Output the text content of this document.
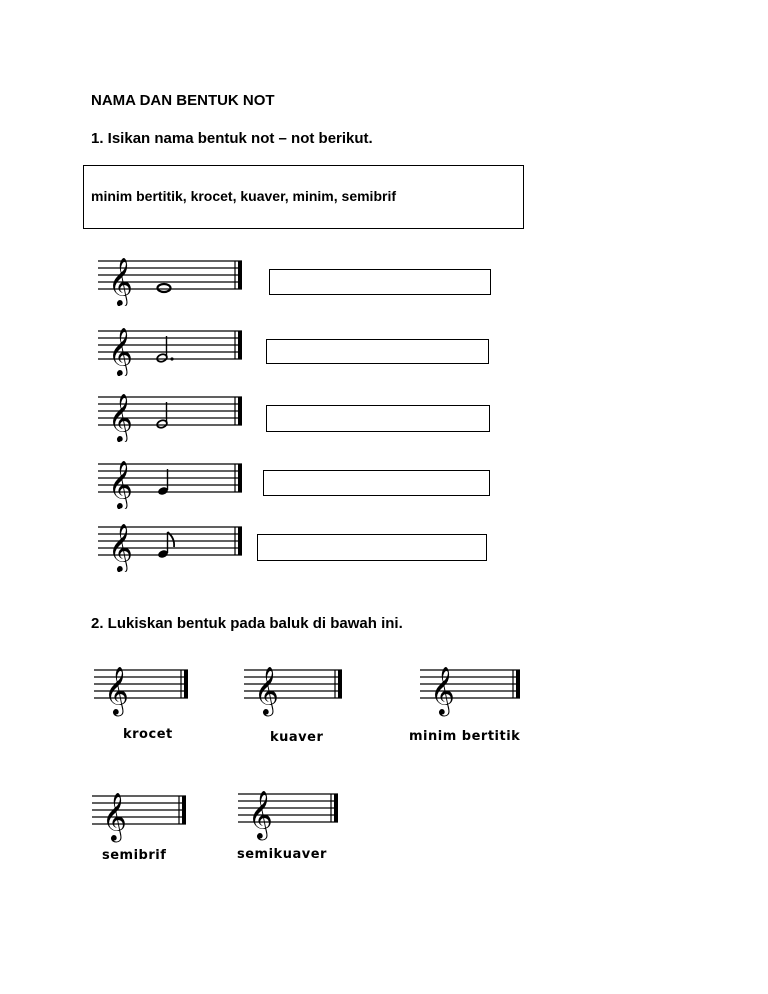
NAMA DAN BENTUK NOT
1. Isikan nama bentuk not – not berikut.
minim bertitik, krocet, kuaver, minim, semibrif
𝄞
𝄞
𝄞
𝄞
𝄞
2. Lukiskan bentuk pada baluk di bawah ini.
𝄞
krocet
𝄞
kuaver
𝄞
minim bertitik
𝄞
semibrif
𝄞
semikuaver
